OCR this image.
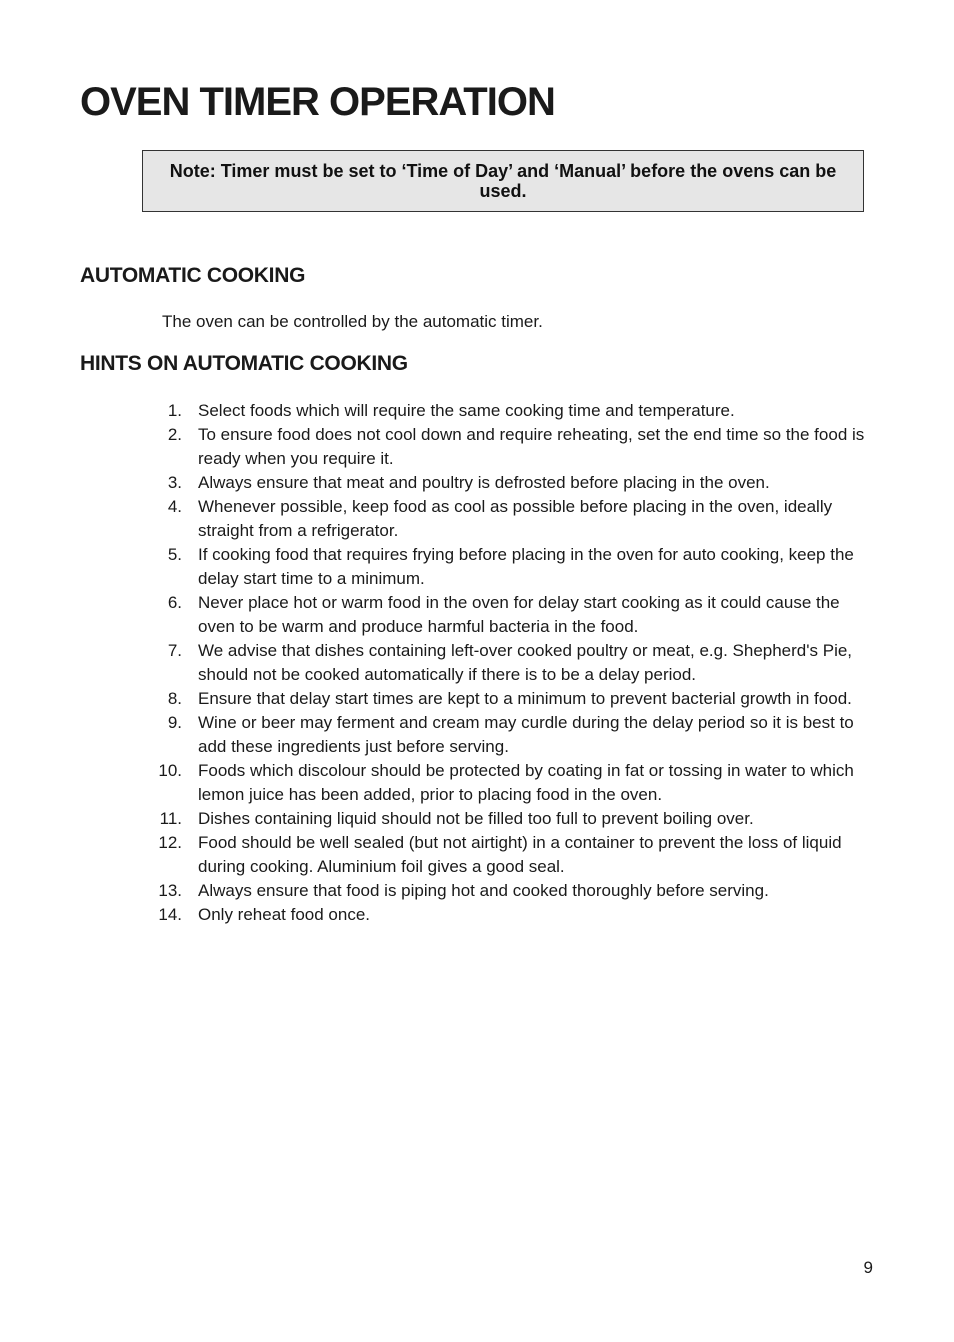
OVEN TIMER OPERATION
Note: Timer must be set to ‘Time of Day’ and ‘Manual’ before the ovens can be used.
AUTOMATIC COOKING

The oven can be controlled by the automatic timer.

HINTS ON AUTOMATIC COOKING
1. Select foods which will require the same cooking time and temperature.
2. To ensure food does not cool down and require reheating, set the end time so the food is ready when you require it.
3. Always ensure that meat and poultry is defrosted before placing in the oven.
4. Whenever possible, keep food as cool as possible before placing in the oven, ideally straight from a refrigerator.
5. If cooking food that requires frying before placing in the oven for auto cooking, keep the delay start time to a minimum.
6. Never place hot or warm food in the oven for delay start cooking as it could cause the oven to be warm and produce harmful bacteria in the food.
7. We advise that dishes containing left-over cooked poultry or meat, e.g. Shepherd's Pie, should not be cooked automatically if there is to be a delay period.
8. Ensure that delay start times are kept to a minimum to prevent bacterial growth in food.
9. Wine or beer may ferment and cream may curdle during the delay period so it is best to add these ingredients just before serving.
10. Foods which discolour should be protected by coating in fat or tossing in water to which lemon juice has been added, prior to placing food in the oven.
11. Dishes containing liquid should not be filled too full to prevent boiling over.
12. Food should be well sealed (but not airtight) in a container to prevent the loss of liquid during cooking. Aluminium foil gives a good seal.
13. Always ensure that food is piping hot and cooked thoroughly before serving.
14. Only reheat food once.
9
